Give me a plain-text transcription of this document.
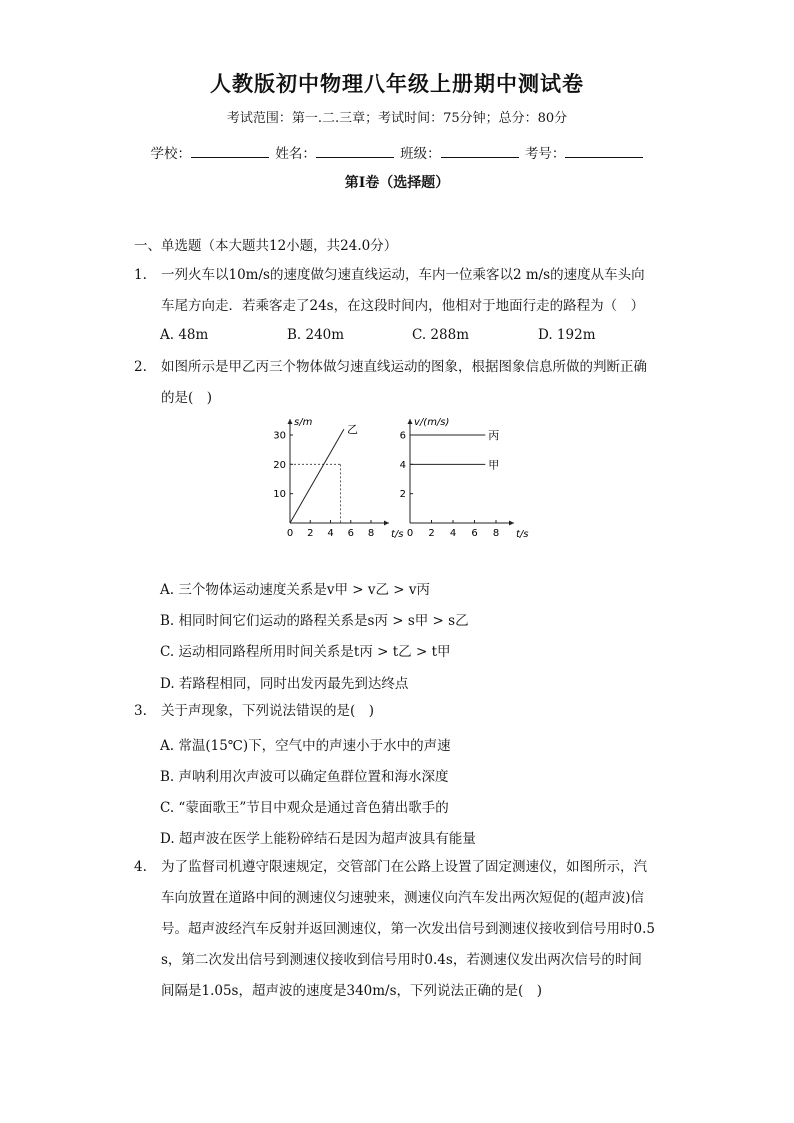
人教版初中物理八年级上册期中测试卷
考试范围：第一.二.三章；考试时间：75分钟；总分：80分
学校：	姓名：	班级：	考号：
第Ⅰ卷（选择题）
一、单选题（本大题共12小题，共24.0分）
1. 一列火车以10m/s的速度做匀速直线运动，车内一位乘客以2 m/s的速度从车头向
车尾方向走．若乘客走了24s，在这段时间内，他相对于地面行走的路程为（　）
A. 48m	B. 240m	C. 288m	D. 192m
2. 如图所示是甲乙丙三个物体做匀速直线运动的图象，根据图象信息所做的判断正确
的是(　)
t/s
s/m
0 2 4 6 8
10
20
30	乙
t/s
v/(m/s)
0 2 4 6 8
2
4
6	丙
甲
A. 三个物体运动速度关系是v甲 > v乙 > v丙
B. 相同时间它们运动的路程关系是s丙 > s甲 > s乙
C. 运动相同路程所用时间关系是t丙 > t乙 > t甲
D. 若路程相同，同时出发丙最先到达终点
3. 关于声现象，下列说法错误的是(　)
A. 常温(15℃)下，空气中的声速小于水中的声速
B. 声呐利用次声波可以确定鱼群位置和海水深度
C. “蒙面歌王”节目中观众是通过音色猜出歌手的
D. 超声波在医学上能粉碎结石是因为超声波具有能量
4. 为了监督司机遵守限速规定，交管部门在公路上设置了固定测速仪，如图所示，汽
车向放置在道路中间的测速仪匀速驶来，测速仪向汽车发出两次短促的(超声波)信
号。超声波经汽车反射并返回测速仪，第一次发出信号到测速仪接收到信号用时0.5
s，第二次发出信号到测速仪接收到信号用时0.4s，若测速仪发出两次信号的时间
间隔是1.05s，超声波的速度是340m/s，下列说法正确的是(　)
